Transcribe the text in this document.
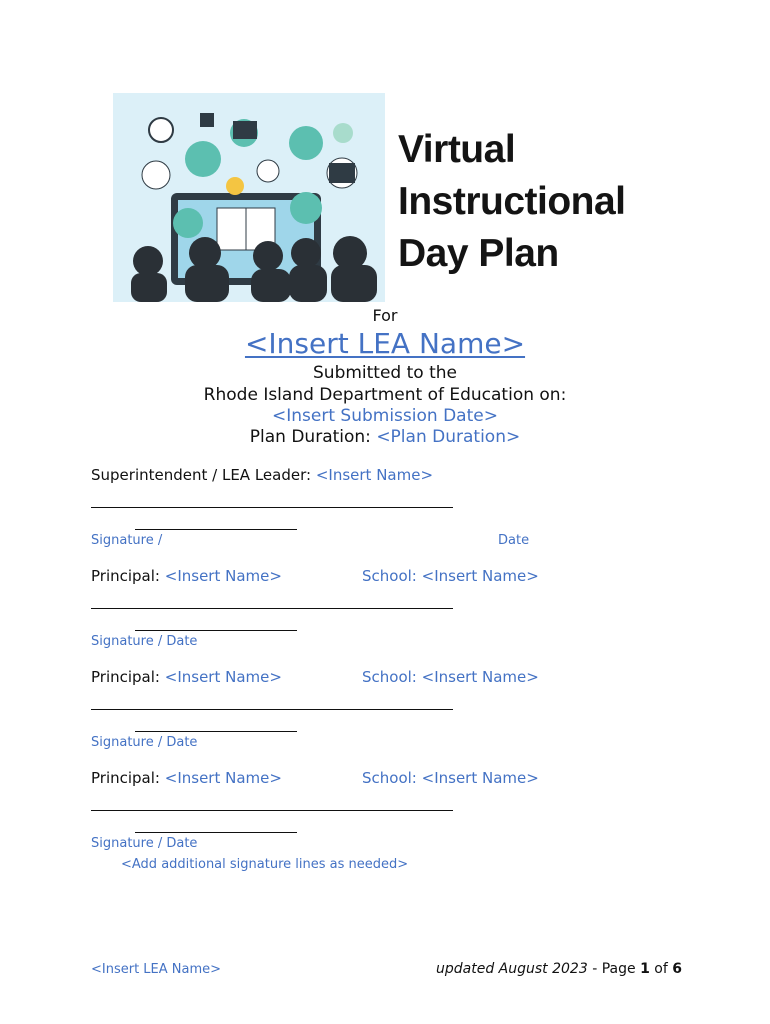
Virtual
Instructional
Day Plan
For
<Insert LEA Name>
Submitted to the
Rhode Island Department of Education on:
<Insert Submission Date>
Plan Duration: <Plan Duration>
Superintendent / LEA Leader: <Insert Name>
Signature /	Date
Principal: <Insert Name>	School: <Insert Name>
Signature / Date
Principal: <Insert Name>	School: <Insert Name>
Signature / Date
Principal: <Insert Name>	School: <Insert Name>
Signature / Date
<Add additional signature lines as needed>
<Insert LEA Name>	updated August 2023 - Page 1 of 6
